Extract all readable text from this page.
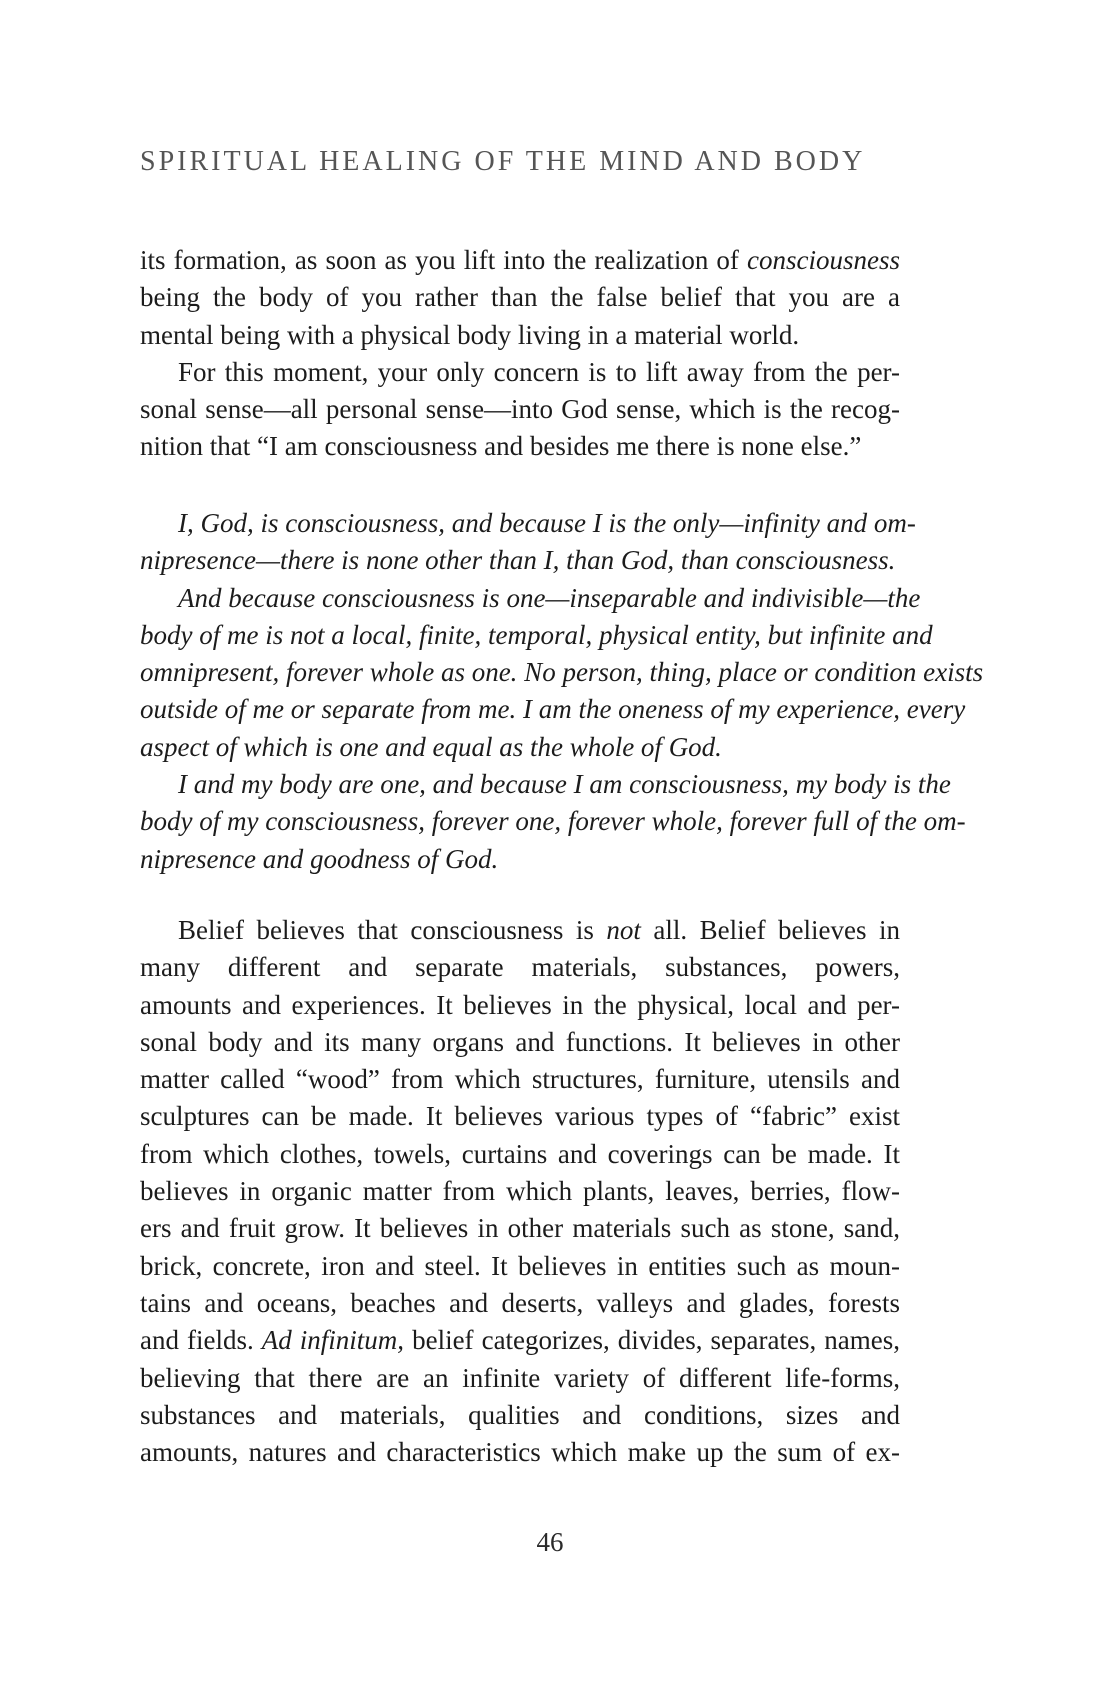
SPIRITUAL HEALING OF THE MIND AND BODY
its formation, as soon as you lift into the realization of consciousness
being the body of you rather than the false belief that you are a
mental being with a physical body living in a material world.
For this moment, your only concern is to lift away from the per-
sonal sense—all personal sense—into God sense, which is the recog-
nition that “I am consciousness and besides me there is none else.”
I, God, is consciousness, and because I is the only—infinity and om-
nipresence—there is none other than I, than God, than consciousness.
And because consciousness is one—inseparable and indivisible—the
body of me is not a local, finite, temporal, physical entity, but infinite and
omnipresent, forever whole as one. No person, thing, place or condition exists
outside of me or separate from me. I am the oneness of my experience, every
aspect of which is one and equal as the whole of God.
I and my body are one, and because I am consciousness, my body is the
body of my consciousness, forever one, forever whole, forever full of the om-
nipresence and goodness of God.
Belief believes that consciousness is not all. Belief believes in
many different and separate materials, substances, powers,
amounts and experiences. It believes in the physical, local and per-
sonal body and its many organs and functions. It believes in other
matter called “wood” from which structures, furniture, utensils and
sculptures can be made. It believes various types of “fabric” exist
from which clothes, towels, curtains and coverings can be made. It
believes in organic matter from which plants, leaves, berries, flow-
ers and fruit grow. It believes in other materials such as stone, sand,
brick, concrete, iron and steel. It believes in entities such as moun-
tains and oceans, beaches and deserts, valleys and glades, forests
and fields. Ad infinitum, belief categorizes, divides, separates, names,
believing that there are an infinite variety of different life-forms,
substances and materials, qualities and conditions, sizes and
amounts, natures and characteristics which make up the sum of ex-
46
